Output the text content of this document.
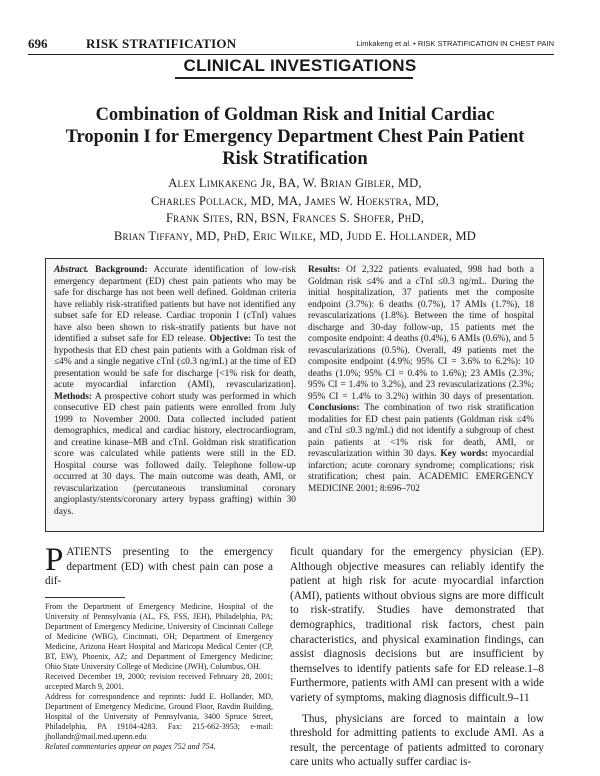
696	RISK STRATIFICATION	Limkakeng et al. • RISK STRATIFICATION IN CHEST PAIN
CLINICAL INVESTIGATIONS
Combination of Goldman Risk and Initial Cardiac Troponin I for Emergency Department Chest Pain Patient Risk Stratification
Alex Limkakeng Jr, BA, W. Brian Gibler, MD,
Charles Pollack, MD, MA, James W. Hoekstra, MD,
Frank Sites, RN, BSN, Frances S. Shofer, PhD,
Brian Tiffany, MD, PhD, Eric Wilke, MD, Judd E. Hollander, MD
Abstract. Background: Accurate identification of low-risk emergency department (ED) chest pain patients who may be safe for discharge has not been well defined. Goldman criteria have reliably risk-stratified patients but have not identified any subset safe for ED release. Cardiac troponin I (cTnI) values have also been shown to risk-stratify patients but have not identified a subset safe for ED release. Objective: To test the hypothesis that ED chest pain patients with a Goldman risk of ≤4% and a single negative cTnI (≤0.3 ng/mL) at the time of ED presentation would be safe for discharge [<1% risk for death, acute myocardial infarction (AMI), revascularization]. Methods: A prospective cohort study was performed in which consecutive ED chest pain patients were enrolled from July 1999 to November 2000. Data collected included patient demographics, medical and cardiac history, electrocardiogram, and creatine kinase–MB and cTnI. Goldman risk stratification score was calculated while patients were still in the ED. Hospital course was followed daily. Telephone follow-up occurred at 30 days. The main outcome was death, AMI, or revascularization (percutaneous transluminal coronary angioplasty/stents/coronary artery bypass grafting) within 30 days.
Results: Of 2,322 patients evaluated, 998 had both a Goldman risk ≤4% and a cTnI ≤0.3 ng/mL. During the initial hospitalization, 37 patients met the composite endpoint (3.7%): 6 deaths (0.7%), 17 AMIs (1.7%), 18 revascularizations (1.8%). Between the time of hospital discharge and 30-day follow-up, 15 patients met the composite endpoint: 4 deaths (0.4%), 6 AMIs (0.6%), and 5 revascularizations (0.5%). Overall, 49 patients met the composite endpoint (4.9%; 95% CI = 3.6% to 6.2%): 10 deaths (1.0%; 95% CI = 0.4% to 1.6%); 23 AMIs (2.3%; 95% CI = 1.4% to 3.2%), and 23 revascularizations (2.3%; 95% CI = 1.4% to 3.2%) within 30 days of presentation. Conclusions: The combination of two risk stratification modalities for ED chest pain patients (Goldman risk ≤4% and cTnI ≤0.3 ng/mL) did not identify a subgroup of chest pain patients at <1% risk for death, AMI, or revascularization within 30 days. Key words: myocardial infarction; acute coronary syndrome; complications; risk stratification; chest pain. ACADEMIC EMERGENCY MEDICINE 2001; 8:696–702
PATIENTS presenting to the emergency department (ED) with chest pain can pose a dif-

From the Department of Emergency Medicine, Hospital of the University of Pennsylvania (AL, FS, FSS, JEH), Philadelphia, PA; Department of Emergency Medicine, University of Cincinnati College of Medicine (WBG), Cincinnati, OH; Department of Emergency Medicine, Arizona Heart Hospital and Maricopa Medical Center (CP, BT, EW), Phoenix, AZ; and Department of Emergency Medicine; Ohio State University College of Medicine (JWH), Columbus, OH.

Received December 19, 2000; revision received February 28, 2001; accepted March 9, 2001.

Address for correspondence and reprints: Judd E. Hollander, MD, Department of Emergency Medicine, Ground Floor, Ravdin Building, Hospital of the University of Pennsylvania, 3400 Spruce Street, Philadelphia, PA 19104-4283. Fax: 215-662-3953; e-mail: jhollandr@mail.med.upenn.edu

Related commentaries appear on pages 752 and 754.

ficult quandary for the emergency physician (EP). Although objective measures can reliably identify the patient at high risk for acute myocardial infarction (AMI), patients without obvious signs are more difficult to risk-stratify. Studies have demonstrated that demographics, traditional risk factors, chest pain characteristics, and physical examination findings, can assist diagnosis decisions but are insufficient by themselves to identify patients safe for ED release.1–8 Furthermore, patients with AMI can present with a wide variety of symptoms, making diagnosis difficult.9–11

Thus, physicians are forced to maintain a low threshold for admitting patients to exclude AMI. As a result, the percentage of patients admitted to coronary care units who actually suffer cardiac is-
